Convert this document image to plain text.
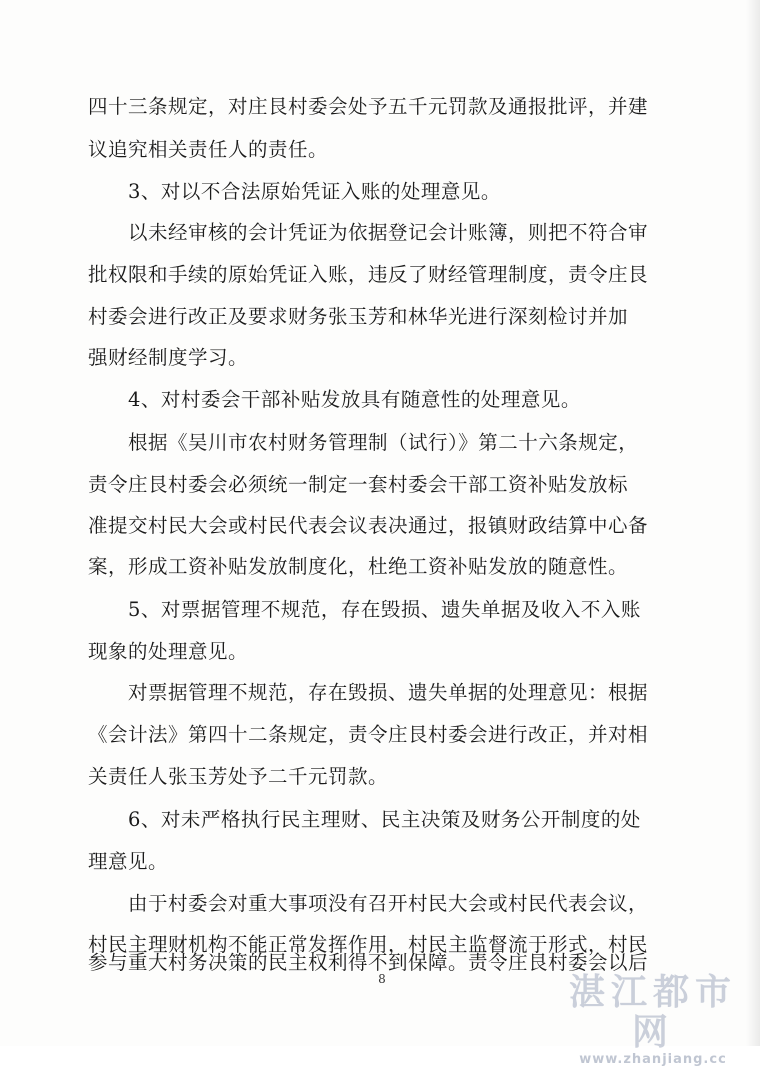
四十三条规定，对庄艮村委会处予五千元罚款及通报批评，并建
议追究相关责任人的责任。
3、对以不合法原始凭证入账的处理意见。
以未经审核的会计凭证为依据登记会计账簿，则把不符合审
批权限和手续的原始凭证入账，违反了财经管理制度，责令庄艮
村委会进行改正及要求财务张玉芳和林华光进行深刻检讨并加
强财经制度学习。
4、对村委会干部补贴发放具有随意性的处理意见。
根据《吴川市农村财务管理制（试行）》第二十六条规定，
责令庄艮村委会必须统一制定一套村委会干部工资补贴发放标
准提交村民大会或村民代表会议表决通过，报镇财政结算中心备
案，形成工资补贴发放制度化，杜绝工资补贴发放的随意性。
5、对票据管理不规范，存在毁损、遗失单据及收入不入账
现象的处理意见。
对票据管理不规范，存在毁损、遗失单据的处理意见：根据
《会计法》第四十二条规定，责令庄艮村委会进行改正，并对相
关责任人张玉芳处予二千元罚款。
6、对未严格执行民主理财、民主决策及财务公开制度的处
理意见。
由于村委会对重大事项没有召开村民大会或村民代表会议，
村民主理财机构不能正常发挥作用，村民主监督流于形式，村民
参与重大村务决策的民主权利得不到保障。责令庄艮村委会以后
8	湛江都市网
www.zhanjiang.cc
